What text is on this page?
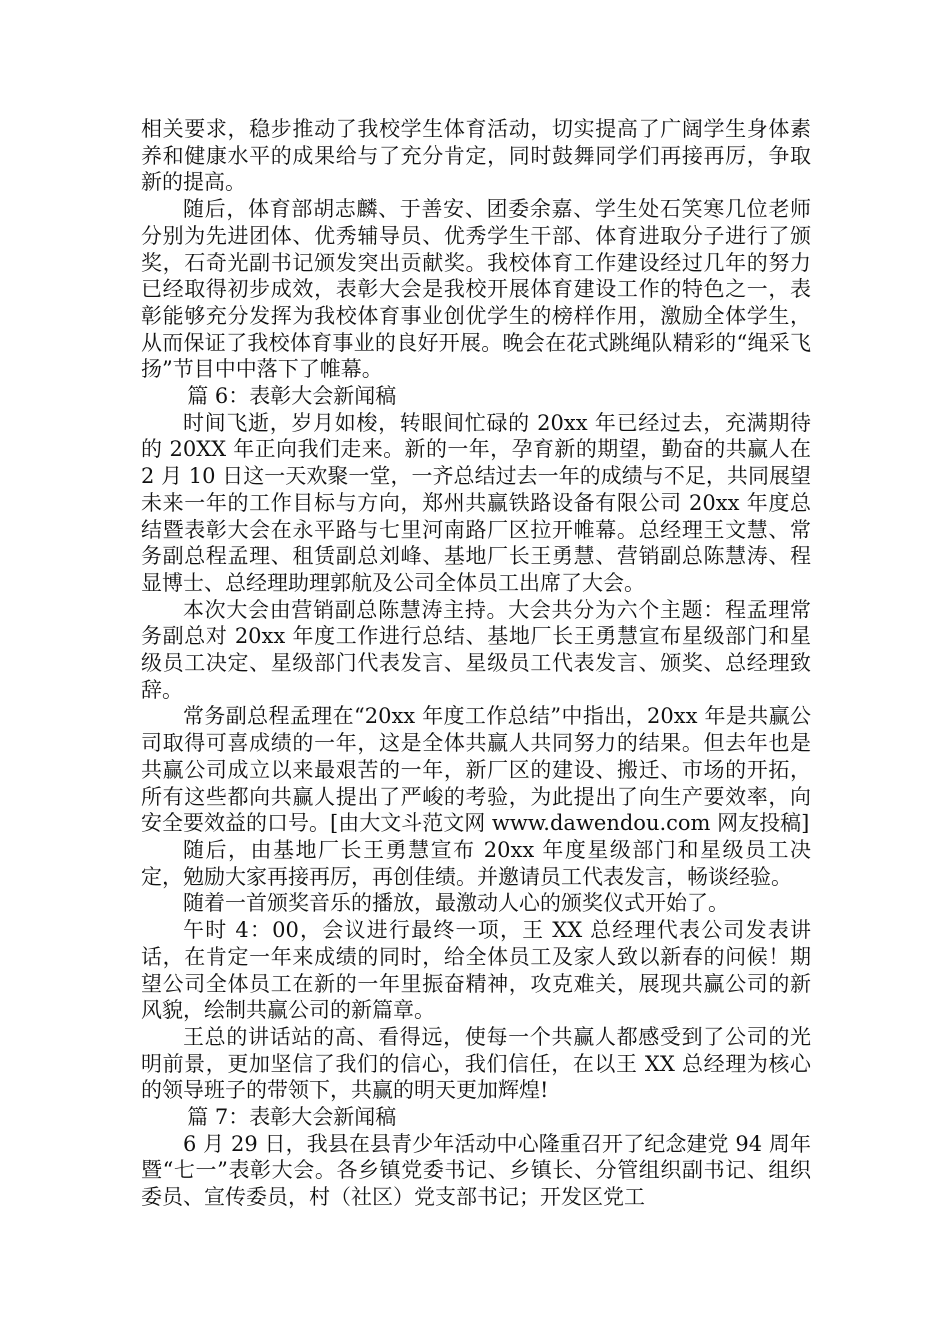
相关要求，稳步推动了我校学生体育活动，切实提高了广阔学生身体素养和健康水平的成果给与了充分肯定，同时鼓舞同学们再接再厉，争取新的提高。

随后，体育部胡志麟、于善安、团委余嘉、学生处石笑寒几位老师分别为先进团体、优秀辅导员、优秀学生干部、体育进取分子进行了颁奖，石奇光副书记颁发突出贡献奖。我校体育工作建设经过几年的努力已经取得初步成效，表彰大会是我校开展体育建设工作的特色之一，表彰能够充分发挥为我校体育事业创优学生的榜样作用，激励全体学生，从而保证了我校体育事业的良好开展。晚会在花式跳绳队精彩的“绳采飞扬”节目中中落下了帷幕。

篇 6：表彰大会新闻稿

时间飞逝，岁月如梭，转眼间忙碌的 20xx 年已经过去，充满期待的 20XX 年正向我们走来。新的一年，孕育新的期望，勤奋的共赢人在 2 月 10 日这一天欢聚一堂，一齐总结过去一年的成绩与不足，共同展望未来一年的工作目标与方向，郑州共赢铁路设备有限公司 20xx 年度总结暨表彰大会在永平路与七里河南路厂区拉开帷幕。总经理王文慧、常务副总程孟理、租赁副总刘峰、基地厂长王勇慧、营销副总陈慧涛、程显博士、总经理助理郭航及公司全体员工出席了大会。

本次大会由营销副总陈慧涛主持。大会共分为六个主题：程孟理常务副总对 20xx 年度工作进行总结、基地厂长王勇慧宣布星级部门和星级员工决定、星级部门代表发言、星级员工代表发言、颁奖、总经理致辞。

常务副总程孟理在“20xx 年度工作总结”中指出，20xx 年是共赢公司取得可喜成绩的一年，这是全体共赢人共同努力的结果。但去年也是共赢公司成立以来最艰苦的一年，新厂区的建设、搬迁、市场的开拓，所有这些都向共赢人提出了严峻的考验，为此提出了向生产要效率，向安全要效益的口号。[由大文斗范文网 www.dawendou.com 网友投稿]

随后，由基地厂长王勇慧宣布 20xx 年度星级部门和星级员工决定，勉励大家再接再厉，再创佳绩。并邀请员工代表发言，畅谈经验。

随着一首颁奖音乐的播放，最激动人心的颁奖仪式开始了。

午时 4：00，会议进行最终一项，王 XX 总经理代表公司发表讲话，在肯定一年来成绩的同时，给全体员工及家人致以新春的问候！期望公司全体员工在新的一年里振奋精神，攻克难关，展现共赢公司的新风貌，绘制共赢公司的新篇章。

王总的讲话站的高、看得远，使每一个共赢人都感受到了公司的光明前景，更加坚信了我们的信心，我们信任，在以王 XX 总经理为核心的领导班子的带领下，共赢的明天更加辉煌!

篇 7：表彰大会新闻稿

6 月 29 日，我县在县青少年活动中心隆重召开了纪念建党 94 周年暨“七一”表彰大会。各乡镇党委书记、乡镇长、分管组织副书记、组织委员、宣传委员，村（社区）党支部书记；开发区党工
